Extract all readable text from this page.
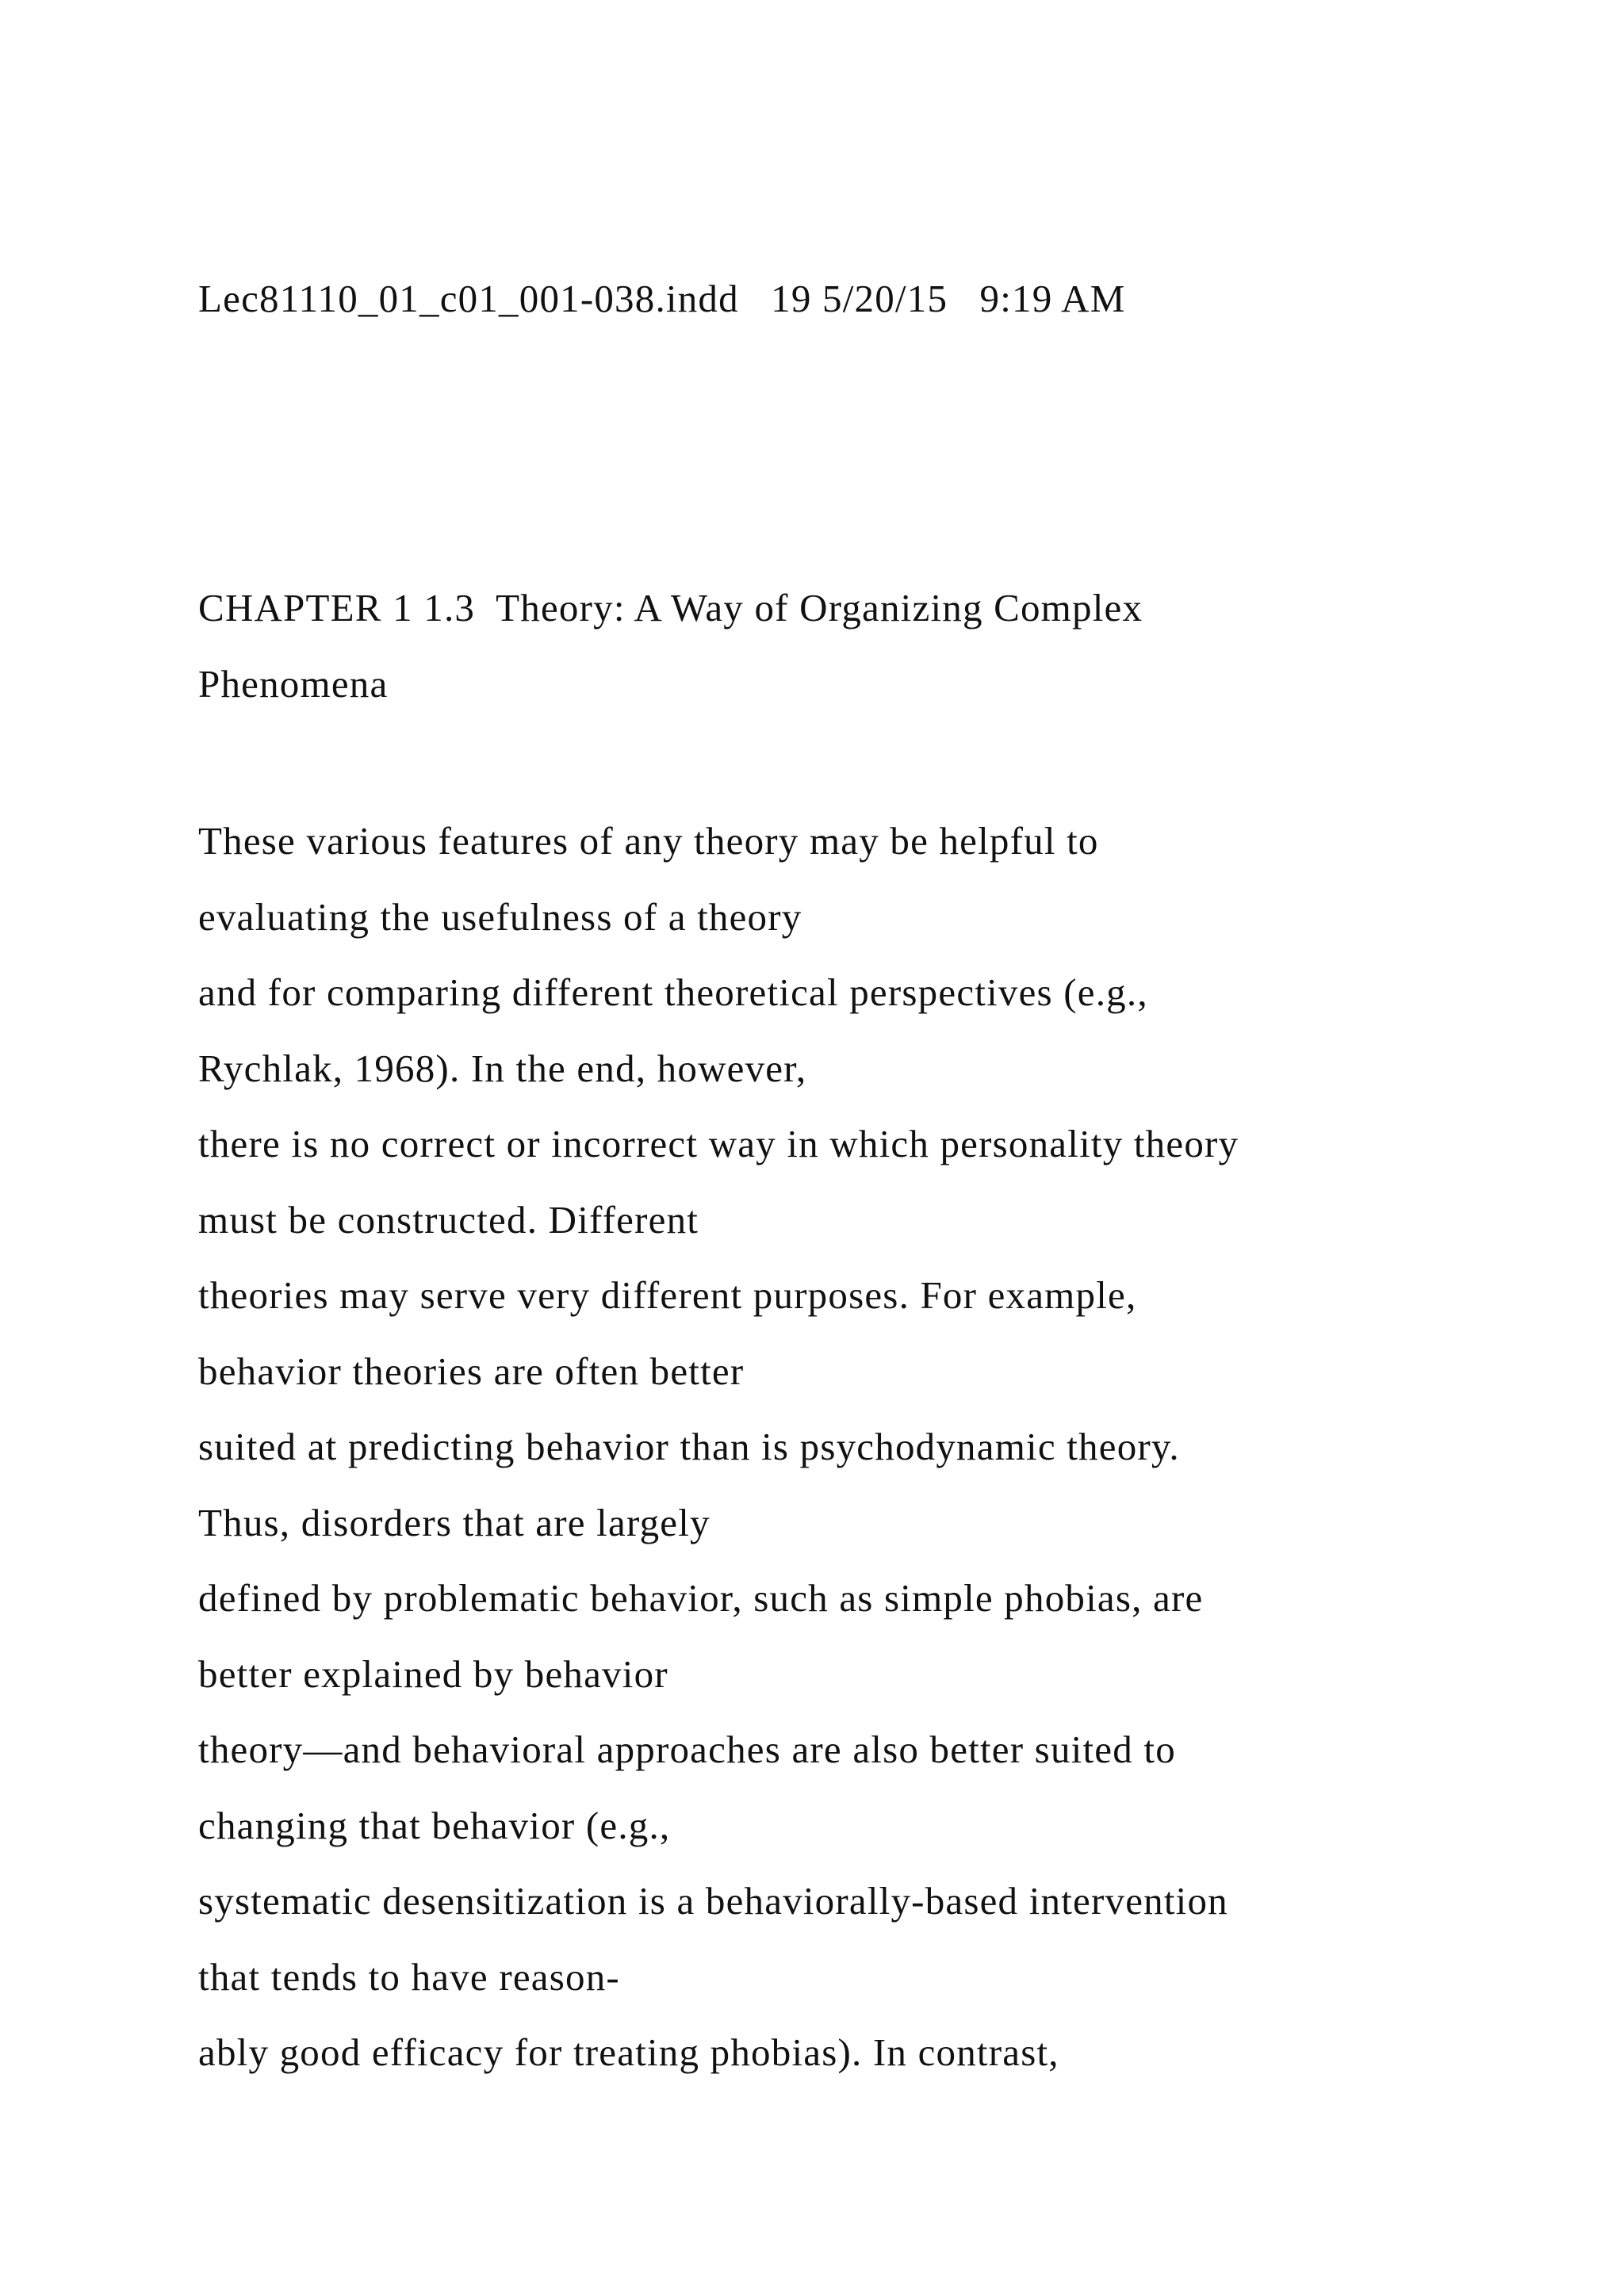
Lec81110_01_c01_001-038.indd   19 5/20/15   9:19 AM

CHAPTER 1 1.3  Theory: A Way of Organizing Complex

Phenomena

These various features of any theory may be helpful to

evaluating the usefulness of a theory

and for comparing different theoretical perspectives (e.g.,

Rychlak, 1968). In the end, however,

there is no correct or incorrect way in which personality theory

must be constructed. Different

theories may serve very different purposes. For example,

behavior theories are often better

suited at predicting behavior than is psychodynamic theory.

Thus, disorders that are largely

defined by problematic behavior, such as simple phobias, are

better explained by behavior

theory—and behavioral approaches are also better suited to

changing that behavior (e.g.,

systematic desensitization is a behaviorally-based intervention

that tends to have reason-

ably good efficacy for treating phobias). In contrast,
